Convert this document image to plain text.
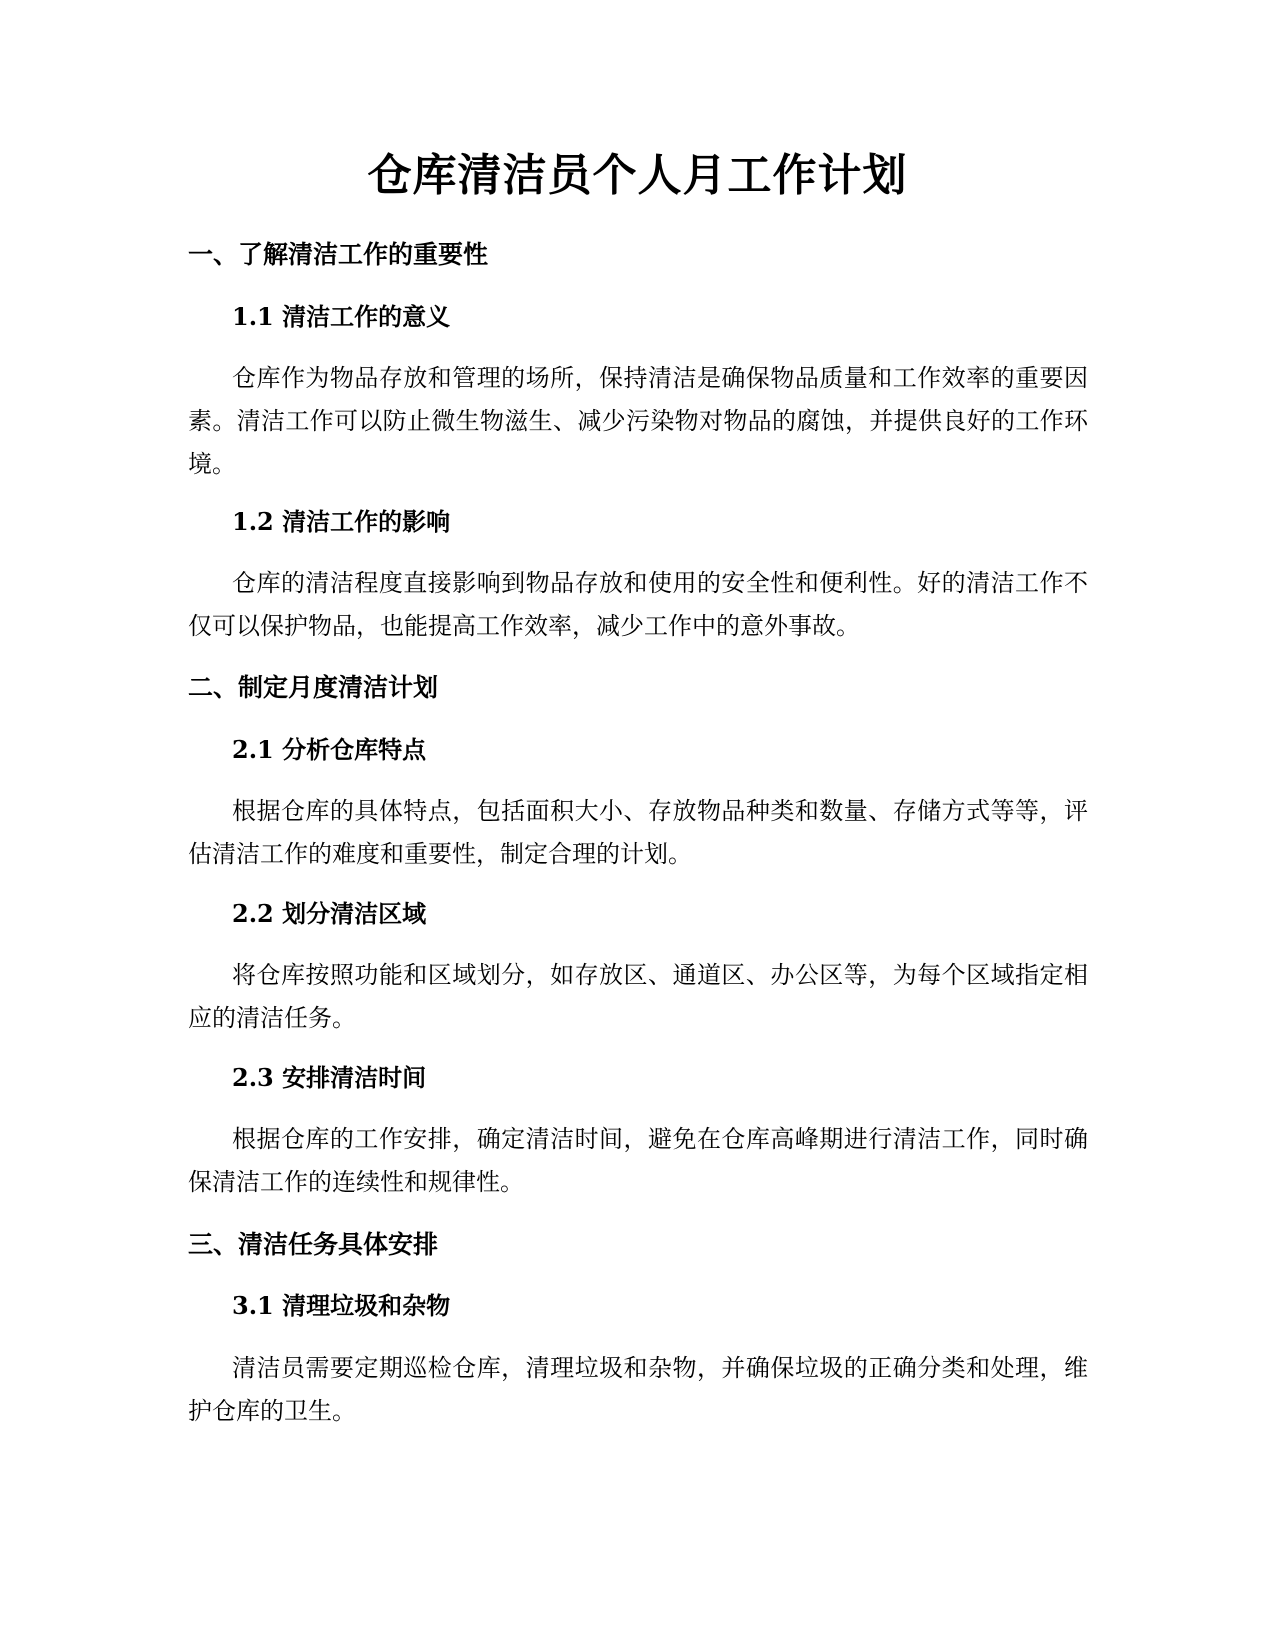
仓库清洁员个人月工作计划
一、了解清洁工作的重要性
1.1 清洁工作的意义

仓库作为物品存放和管理的场所，保持清洁是确保物品质量和工作效率的重要因素。清洁工作可以防止微生物滋生、减少污染物对物品的腐蚀，并提供良好的工作环境。

1.2 清洁工作的影响

仓库的清洁程度直接影响到物品存放和使用的安全性和便利性。好的清洁工作不仅可以保护物品，也能提高工作效率，减少工作中的意外事故。

二、制定月度清洁计划
2.1 分析仓库特点

根据仓库的具体特点，包括面积大小、存放物品种类和数量、存储方式等等，评估清洁工作的难度和重要性，制定合理的计划。

2.2 划分清洁区域

将仓库按照功能和区域划分，如存放区、通道区、办公区等，为每个区域指定相应的清洁任务。

2.3 安排清洁时间

根据仓库的工作安排，确定清洁时间，避免在仓库高峰期进行清洁工作，同时确保清洁工作的连续性和规律性。

三、清洁任务具体安排
3.1 清理垃圾和杂物

清洁员需要定期巡检仓库，清理垃圾和杂物，并确保垃圾的正确分类和处理，维护仓库的卫生。
